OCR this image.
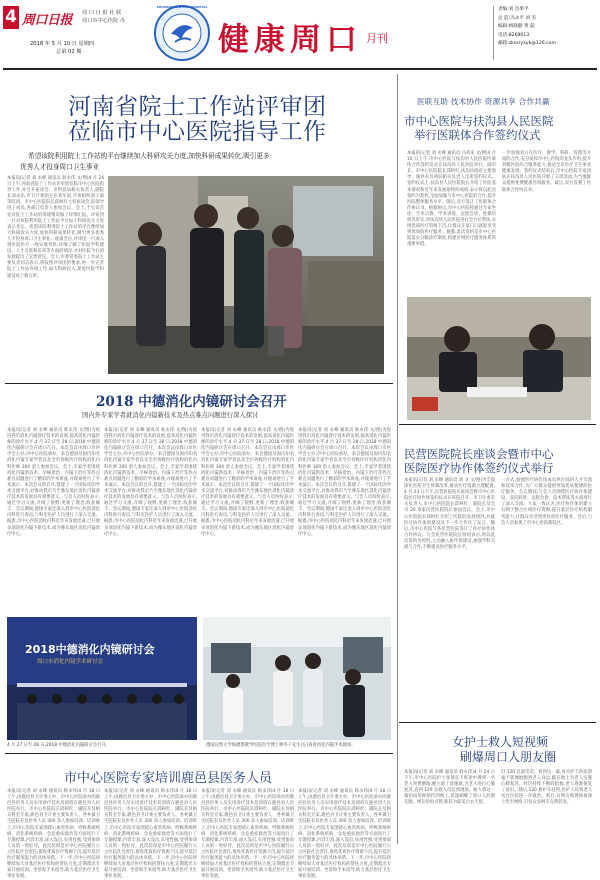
4 周口日报 周 口 日 报 社 联
周口市中心医院 办
2018 年 5 月 10 日 星期四
总第 02 期
ZHOUKOU CENTRAL HOSPITAL
健康周口 月刊
责编:刘 昌果平
总 监:冯永平 刘 杰
编辑:杨晓静 黄 磊
电话:8269013
邮箱:zkssryxyk@126.com
河南省院士工作站评审团
莅临市中心医院指导工作
希望该院利用院士工作站的平台继续加大科研攻关力度,加快科研成果转化,吸引更多
优秀人才投身周口卫生事业
本报讯(记者 刘 永峰 通讯员 耿永伟 文/图)4 月 24 日上午,河南省院士工作站评审团莅临市中心医院指导工作,并召开座谈会。市科技局相关负责人,副院长刘永乐,市卫计委副主任刘军国,市委组织部干部等陪同。市中心医院院长邱柯红主持座谈会,院领导班子成员,各部门负责人参加会议。会上,于宝章首先对院士工作站的筹建情况做了详细汇报。评审团一行对该院利用院士工作站平台加大科研攻关力度表示肯定。希望该院利用院士工作站的平台继续加大科研攻关力度,加快科研成果转化,吸引更多优秀人才投身周口卫生事业。座谈会后,评审团一行深入到医院医疗一线实地考察,详细了解了医院学科建设、人才引进和培养等方面的情况,并对医院今后的发展提出了宝贵意见。会上,市委常委院士工作站主要负责同志表示,将按照评审团的要求,进一步完善院士工作站各项工作,加大科研投入,促进医院学科建设再上新台阶。
医联互助 技术协作 资源共享 合作共赢
市中心医院与扶沟县人民医院
举行医联体合作签约仪式
本报讯(记者 刘 永峰 通讯员 马鸿来 文/图)4 月 10 日上午,市中心医院与扶沟县人民医院医联体合作签约仪式在扶沟县人民医院举行。副市长、市中心医院院长邱柯红,扶沟县政府主要领导、副县长及两院相关负责人出席签约仪式。签约仪式上,扶沟县人民医院院长介绍了医院基本情况和近年来发展取得的成绩,表示将以此次签约为契机,全面加强与市中心医院的合作,提升医院整体服务水平。随后,双方签订了医联体合作协议书。根据协议,市中心医院将通过专家坐诊、手术示教、学术讲座、远程会诊、进修培训等形式,对扶沟县人民医院进行全方位帮扶,实现优质医疗资源下沉,让群众在家门口就能享受到优质的医疗服务。据悉,此次签约是市中心医院落实分级诊疗制度,构建区域医疗服务体系的重要举措。
一步加强双方在医疗、教学、科研、管理等方面的合作,充分发挥市中心医院的龙头作用,提升县级医院综合服务能力,推动全市医疗卫生事业健康发展。签约仪式结束后,市中心医院专家团队在扶沟县人民医院开展了义诊活动,为当地群众提供免费健康咨询服务。最后,双方签署了医联体合作协议书。
民营医院院长座谈会暨市中心
医院医疗协作体签约仪式举行
本报讯(记者 刘 永峰 通讯员 刘 文 文/图)为全面深化医药卫生体制改革,推动医疗资源合理配置,4 月 23 日下午,民营医院院长座谈会暨市中心医院医疗协作体签约仪式在该院召开。市卫计委有关负责人,市中心医院院长邱柯红、副院长及全市 20 余家民营医院院长参加会议。会上,市中心医院院长邱柯红介绍了医院的发展情况,并就医疗协作体的建设及下一步合作作了发言。随后,市中心医院与各民营医院签订了医疗协作体合作协议。与会民营医院院长纷纷表示,将以此次签约为契机,主动融入协作体建设,加强学科交流与合作,不断提高医疗服务水平。
一方式,加强医疗协作体成员单位间的人才交流和技术合作,为广大群众提供更加优质便捷的医疗服务。会议期间,与会人员围绕医疗协作体建设、双向转诊、远程会诊、技术帮扶等方面进行了深入交流。大家一致认为,医疗协作体的建立有利于整合区域医疗资源,提升基层医疗机构服务能力,让群众享受到更好的医疗服务。会后,与会人员参观了市中心医院新院区。
女护士救人短视频
刷爆周口人朋友圈
本报讯(记者 刘 永峰 通讯员 韩永伟)4 月 24 日下午,市中心医院护士张倩在下班途中遇到一名老人突然倒地,她立即上前施救,为老人进行心肺复苏,直到 120 急救人员赶到现场。路人将这一幕拍成短视频传到网上,迅速刷爆了周口人的朋友圈。网友纷纷点赞,称其为最美白衣天使。
打 120 急救电话。看到这一幕,身为护士的张倩毫不犹豫地跑到老人身边,跪在地上为老人实施心肺复苏。经过持续不断的抢救,老人逐渐恢复了意识。随后,120 救护车赶到,医护人员将老人送往医院进一步救治。事后,有网友将现场视频上传至网络,引发众多网友点赞转发。
2018 中德消化内镜研讨会召开
国内外专家学者就消化内镜新技术及热点难点问题进行深入探讨
本报讯(记者 刘 永峰 通讯员 耿永伟 文/图)为促进我市消化内镜诊疗技术的发展,提高消化内镜医师的诊疗水平,4 月 27 日至 28 日,2018 中德消化内镜研讨会在周口召开。本次会议由周口市医学会主办,市中心医院承办。来自德国及国内知名消化内镜专家学者以及全市各级医疗机构消化内科医师 300 余人参加会议。会上,专家学者围绕消化内镜新技术、早癌诊治、内镜下治疗等热点难点问题进行了精彩的学术讲座,并现场进行了手术演示。本次会议的召开,搭建了一个国际化的学术交流平台,对推动我市乃至豫东地区消化内镜诊疗技术的发展具有重要意义。与会人员纷纷表示,通过学习交流,开阔了视野,更新了理念,收获颇丰。会议期间,德国专家还深入到市中心医院消化内科进行查房,与科室医护人员进行了深入交流。据悉,市中心医院消化内科近年来发展迅速,已开展多项消化内镜下新技术,成为豫东地区消化内镜诊疗中心。
本报讯(记者 刘 永峰 通讯员 耿永伟 文/图)为促进我市消化内镜诊疗技术的发展,提高消化内镜医师的诊疗水平,4 月 27 日至 28 日,2018 中德消化内镜研讨会在周口召开。本次会议由周口市医学会主办,市中心医院承办。来自德国及国内知名消化内镜专家学者以及全市各级医疗机构消化内科医师 300 余人参加会议。会上,专家学者围绕消化内镜新技术、早癌诊治、内镜下治疗等热点难点问题进行了精彩的学术讲座,并现场进行了手术演示。本次会议的召开,搭建了一个国际化的学术交流平台,对推动我市乃至豫东地区消化内镜诊疗技术的发展具有重要意义。与会人员纷纷表示,通过学习交流,开阔了视野,更新了理念,收获颇丰。会议期间,德国专家还深入到市中心医院消化内科进行查房,与科室医护人员进行了深入交流。据悉,市中心医院消化内科近年来发展迅速,已开展多项消化内镜下新技术,成为豫东地区消化内镜诊疗中心。
本报讯(记者 刘 永峰 通讯员 耿永伟 文/图)为促进我市消化内镜诊疗技术的发展,提高消化内镜医师的诊疗水平,4 月 27 日至 28 日,2018 中德消化内镜研讨会在周口召开。本次会议由周口市医学会主办,市中心医院承办。来自德国及国内知名消化内镜专家学者以及全市各级医疗机构消化内科医师 300 余人参加会议。会上,专家学者围绕消化内镜新技术、早癌诊治、内镜下治疗等热点难点问题进行了精彩的学术讲座,并现场进行了手术演示。本次会议的召开,搭建了一个国际化的学术交流平台,对推动我市乃至豫东地区消化内镜诊疗技术的发展具有重要意义。与会人员纷纷表示,通过学习交流,开阔了视野,更新了理念,收获颇丰。会议期间,德国专家还深入到市中心医院消化内科进行查房,与科室医护人员进行了深入交流。据悉,市中心医院消化内科近年来发展迅速,已开展多项消化内镜下新技术,成为豫东地区消化内镜诊疗中心。
本报讯(记者 刘 永峰 通讯员 耿永伟 文/图)为促进我市消化内镜诊疗技术的发展,提高消化内镜医师的诊疗水平,4 月 27 日至 28 日,2018 中德消化内镜研讨会在周口召开。本次会议由周口市医学会主办,市中心医院承办。来自德国及国内知名消化内镜专家学者以及全市各级医疗机构消化内科医师 300 余人参加会议。会上,专家学者围绕消化内镜新技术、早癌诊治、内镜下治疗等热点难点问题进行了精彩的学术讲座,并现场进行了手术演示。本次会议的召开,搭建了一个国际化的学术交流平台,对推动我市乃至豫东地区消化内镜诊疗技术的发展具有重要意义。与会人员纷纷表示,通过学习交流,开阔了视野,更新了理念,收获颇丰。会议期间,德国专家还深入到市中心医院消化内科进行查房,与科室医护人员进行了深入交流。据悉,市中心医院消化内科近年来发展迅速,已开展多项消化内镜下新技术,成为豫东地区消化内镜诊疗中心。
2018中德消化内镜研讨会
周口市消化内镜学术研讨会
4 月 27 日至 28 日,2018 中德消化内镜研讨会召开。	德国汉堡大学海德堡教学医院医学博士林冬子先生(左)查看消化内镜手术现场。
市中心医院专家培训鹿邑县医务人员
本报讯(记者 刘 永峰 通讯员 韩永伟)4 月 18 日上午,由鹿邑县卫计委主办、市中心医院承办的鹿邑县医务人员实用诊疗技术培训班在鹿邑县人民医院举行。市中心医院院长邱柯红、副院长及相关科室专家,鹿邑县卫计委主要负责人、各乡镇卫生院院长及医务人员 300 余人参加培训。培训班上,市中心医院专家围绕心血管疾病、呼吸系统疾病、消化系统疾病、急危重症救治等方面进行了专题授课,内容丰富,深入浅出,实用性强,受到参训人员的一致好评。此次培训是市中心医院履行公立医院社会责任,推进优质医疗资源下沉,提升基层医疗服务能力的具体举措。下一步,市中心医院将继续加大对基层医疗机构的帮扶力度,定期派出专家开展培训、坐诊和手术指导,助力基层医疗卫生事业发展。
本报讯(记者 刘 永峰 通讯员 韩永伟)4 月 18 日上午,由鹿邑县卫计委主办、市中心医院承办的鹿邑县医务人员实用诊疗技术培训班在鹿邑县人民医院举行。市中心医院院长邱柯红、副院长及相关科室专家,鹿邑县卫计委主要负责人、各乡镇卫生院院长及医务人员 300 余人参加培训。培训班上,市中心医院专家围绕心血管疾病、呼吸系统疾病、消化系统疾病、急危重症救治等方面进行了专题授课,内容丰富,深入浅出,实用性强,受到参训人员的一致好评。此次培训是市中心医院履行公立医院社会责任,推进优质医疗资源下沉,提升基层医疗服务能力的具体举措。下一步,市中心医院将继续加大对基层医疗机构的帮扶力度,定期派出专家开展培训、坐诊和手术指导,助力基层医疗卫生事业发展。
本报讯(记者 刘 永峰 通讯员 韩永伟)4 月 18 日上午,由鹿邑县卫计委主办、市中心医院承办的鹿邑县医务人员实用诊疗技术培训班在鹿邑县人民医院举行。市中心医院院长邱柯红、副院长及相关科室专家,鹿邑县卫计委主要负责人、各乡镇卫生院院长及医务人员 300 余人参加培训。培训班上,市中心医院专家围绕心血管疾病、呼吸系统疾病、消化系统疾病、急危重症救治等方面进行了专题授课,内容丰富,深入浅出,实用性强,受到参训人员的一致好评。此次培训是市中心医院履行公立医院社会责任,推进优质医疗资源下沉,提升基层医疗服务能力的具体举措。下一步,市中心医院将继续加大对基层医疗机构的帮扶力度,定期派出专家开展培训、坐诊和手术指导,助力基层医疗卫生事业发展。
本报讯(记者 刘 永峰 通讯员 韩永伟)4 月 18 日上午,由鹿邑县卫计委主办、市中心医院承办的鹿邑县医务人员实用诊疗技术培训班在鹿邑县人民医院举行。市中心医院院长邱柯红、副院长及相关科室专家,鹿邑县卫计委主要负责人、各乡镇卫生院院长及医务人员 300 余人参加培训。培训班上,市中心医院专家围绕心血管疾病、呼吸系统疾病、消化系统疾病、急危重症救治等方面进行了专题授课,内容丰富,深入浅出,实用性强,受到参训人员的一致好评。此次培训是市中心医院履行公立医院社会责任,推进优质医疗资源下沉,提升基层医疗服务能力的具体举措。下一步,市中心医院将继续加大对基层医疗机构的帮扶力度,定期派出专家开展培训、坐诊和手术指导,助力基层医疗卫生事业发展。
